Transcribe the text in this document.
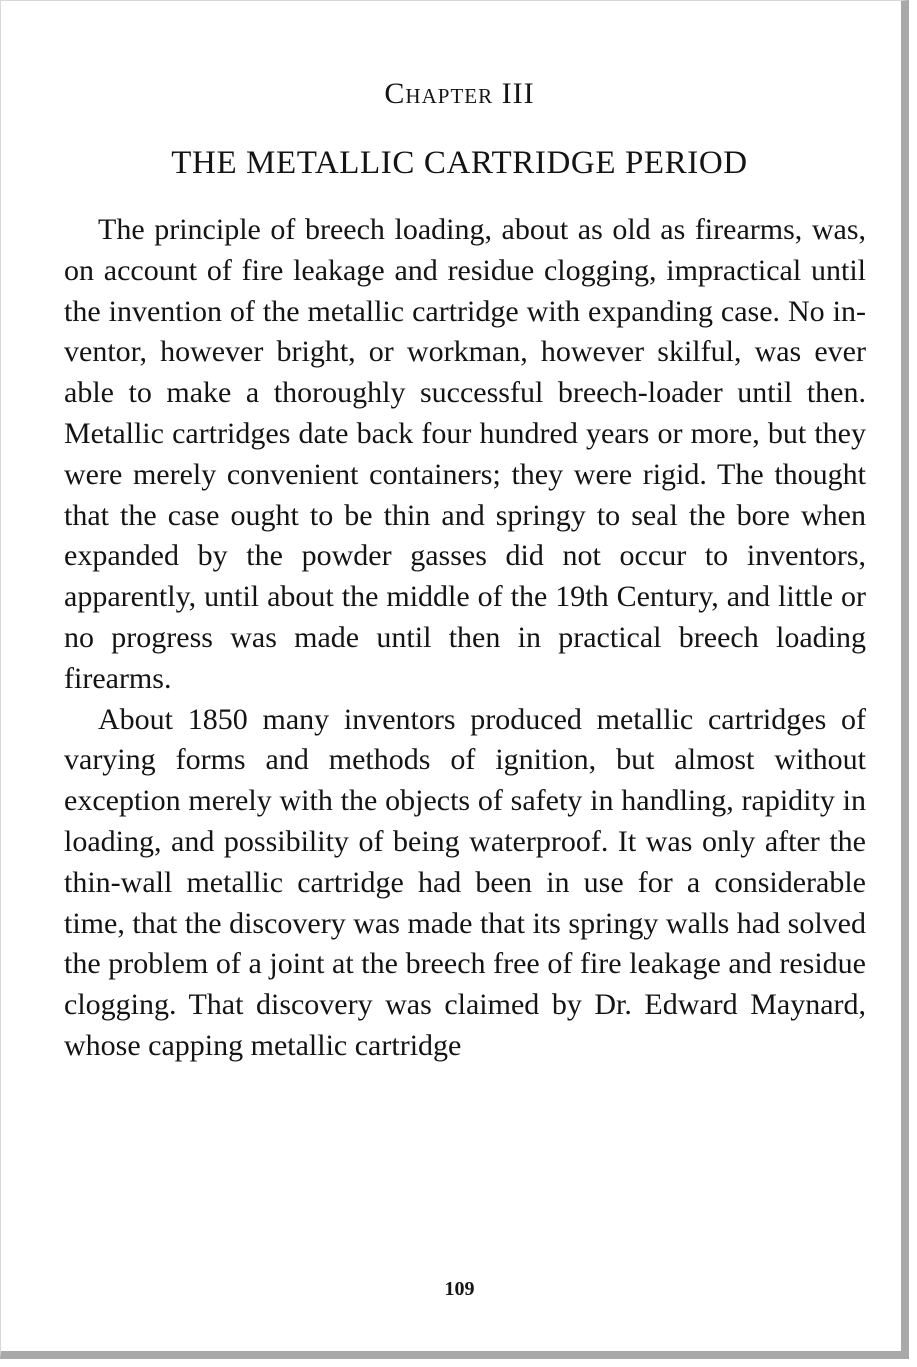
Chapter III
THE METALLIC CARTRIDGE PERIOD

The principle of breech loading, about as old as firearms, was, on account of fire leakage and residue clogging, impractical until the invention of the metallic cartridge with expanding case. No inventor, however bright, or workman, however skilful, was ever able to make a thoroughly successful breech-loader until then. Metallic cartridges date back four hundred years or more, but they were merely convenient containers; they were rigid. The thought that the case ought to be thin and springy to seal the bore when expanded by the powder gasses did not occur to inventors, apparently, until about the middle of the 19th Century, and little or no progress was made until then in practical breech loading firearms.

About 1850 many inventors produced metallic cartridges of varying forms and methods of ignition, but almost without exception merely with the objects of safety in handling, rapidity in loading, and possibility of being waterproof. It was only after the thin-wall metallic cartridge had been in use for a considerable time, that the discovery was made that its springy walls had solved the problem of a joint at the breech free of fire leakage and residue clogging. That discovery was claimed by Dr. Edward Maynard, whose capping metallic cartridge

109
